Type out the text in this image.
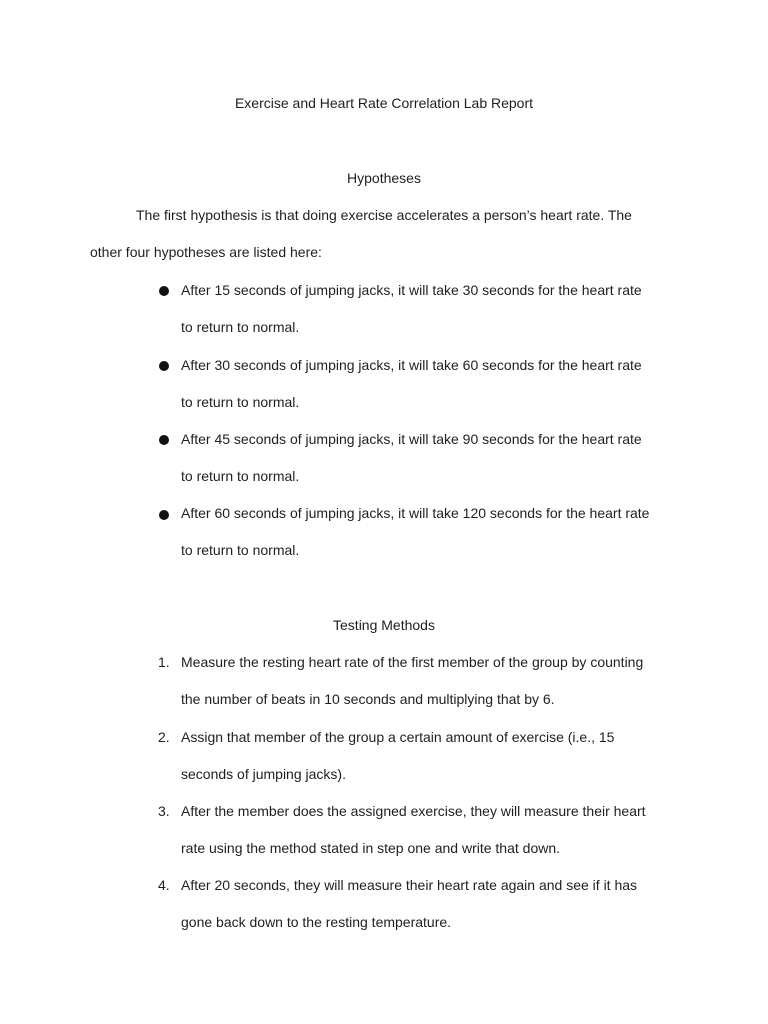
Exercise and Heart Rate Correlation Lab Report
Hypotheses
The first hypothesis is that doing exercise accelerates a person’s heart rate. The
other four hypotheses are listed here:
After 15 seconds of jumping jacks, it will take 30 seconds for the heart rate
to return to normal.
After 30 seconds of jumping jacks, it will take 60 seconds for the heart rate
to return to normal.
After 45 seconds of jumping jacks, it will take 90 seconds for the heart rate
to return to normal.
After 60 seconds of jumping jacks, it will take 120 seconds for the heart rate
to return to normal.
Testing Methods
1. Measure the resting heart rate of the first member of the group by counting
the number of beats in 10 seconds and multiplying that by 6.
2. Assign that member of the group a certain amount of exercise (i.e., 15
seconds of jumping jacks).
3. After the member does the assigned exercise, they will measure their heart
rate using the method stated in step one and write that down.
4. After 20 seconds, they will measure their heart rate again and see if it has
gone back down to the resting temperature.
